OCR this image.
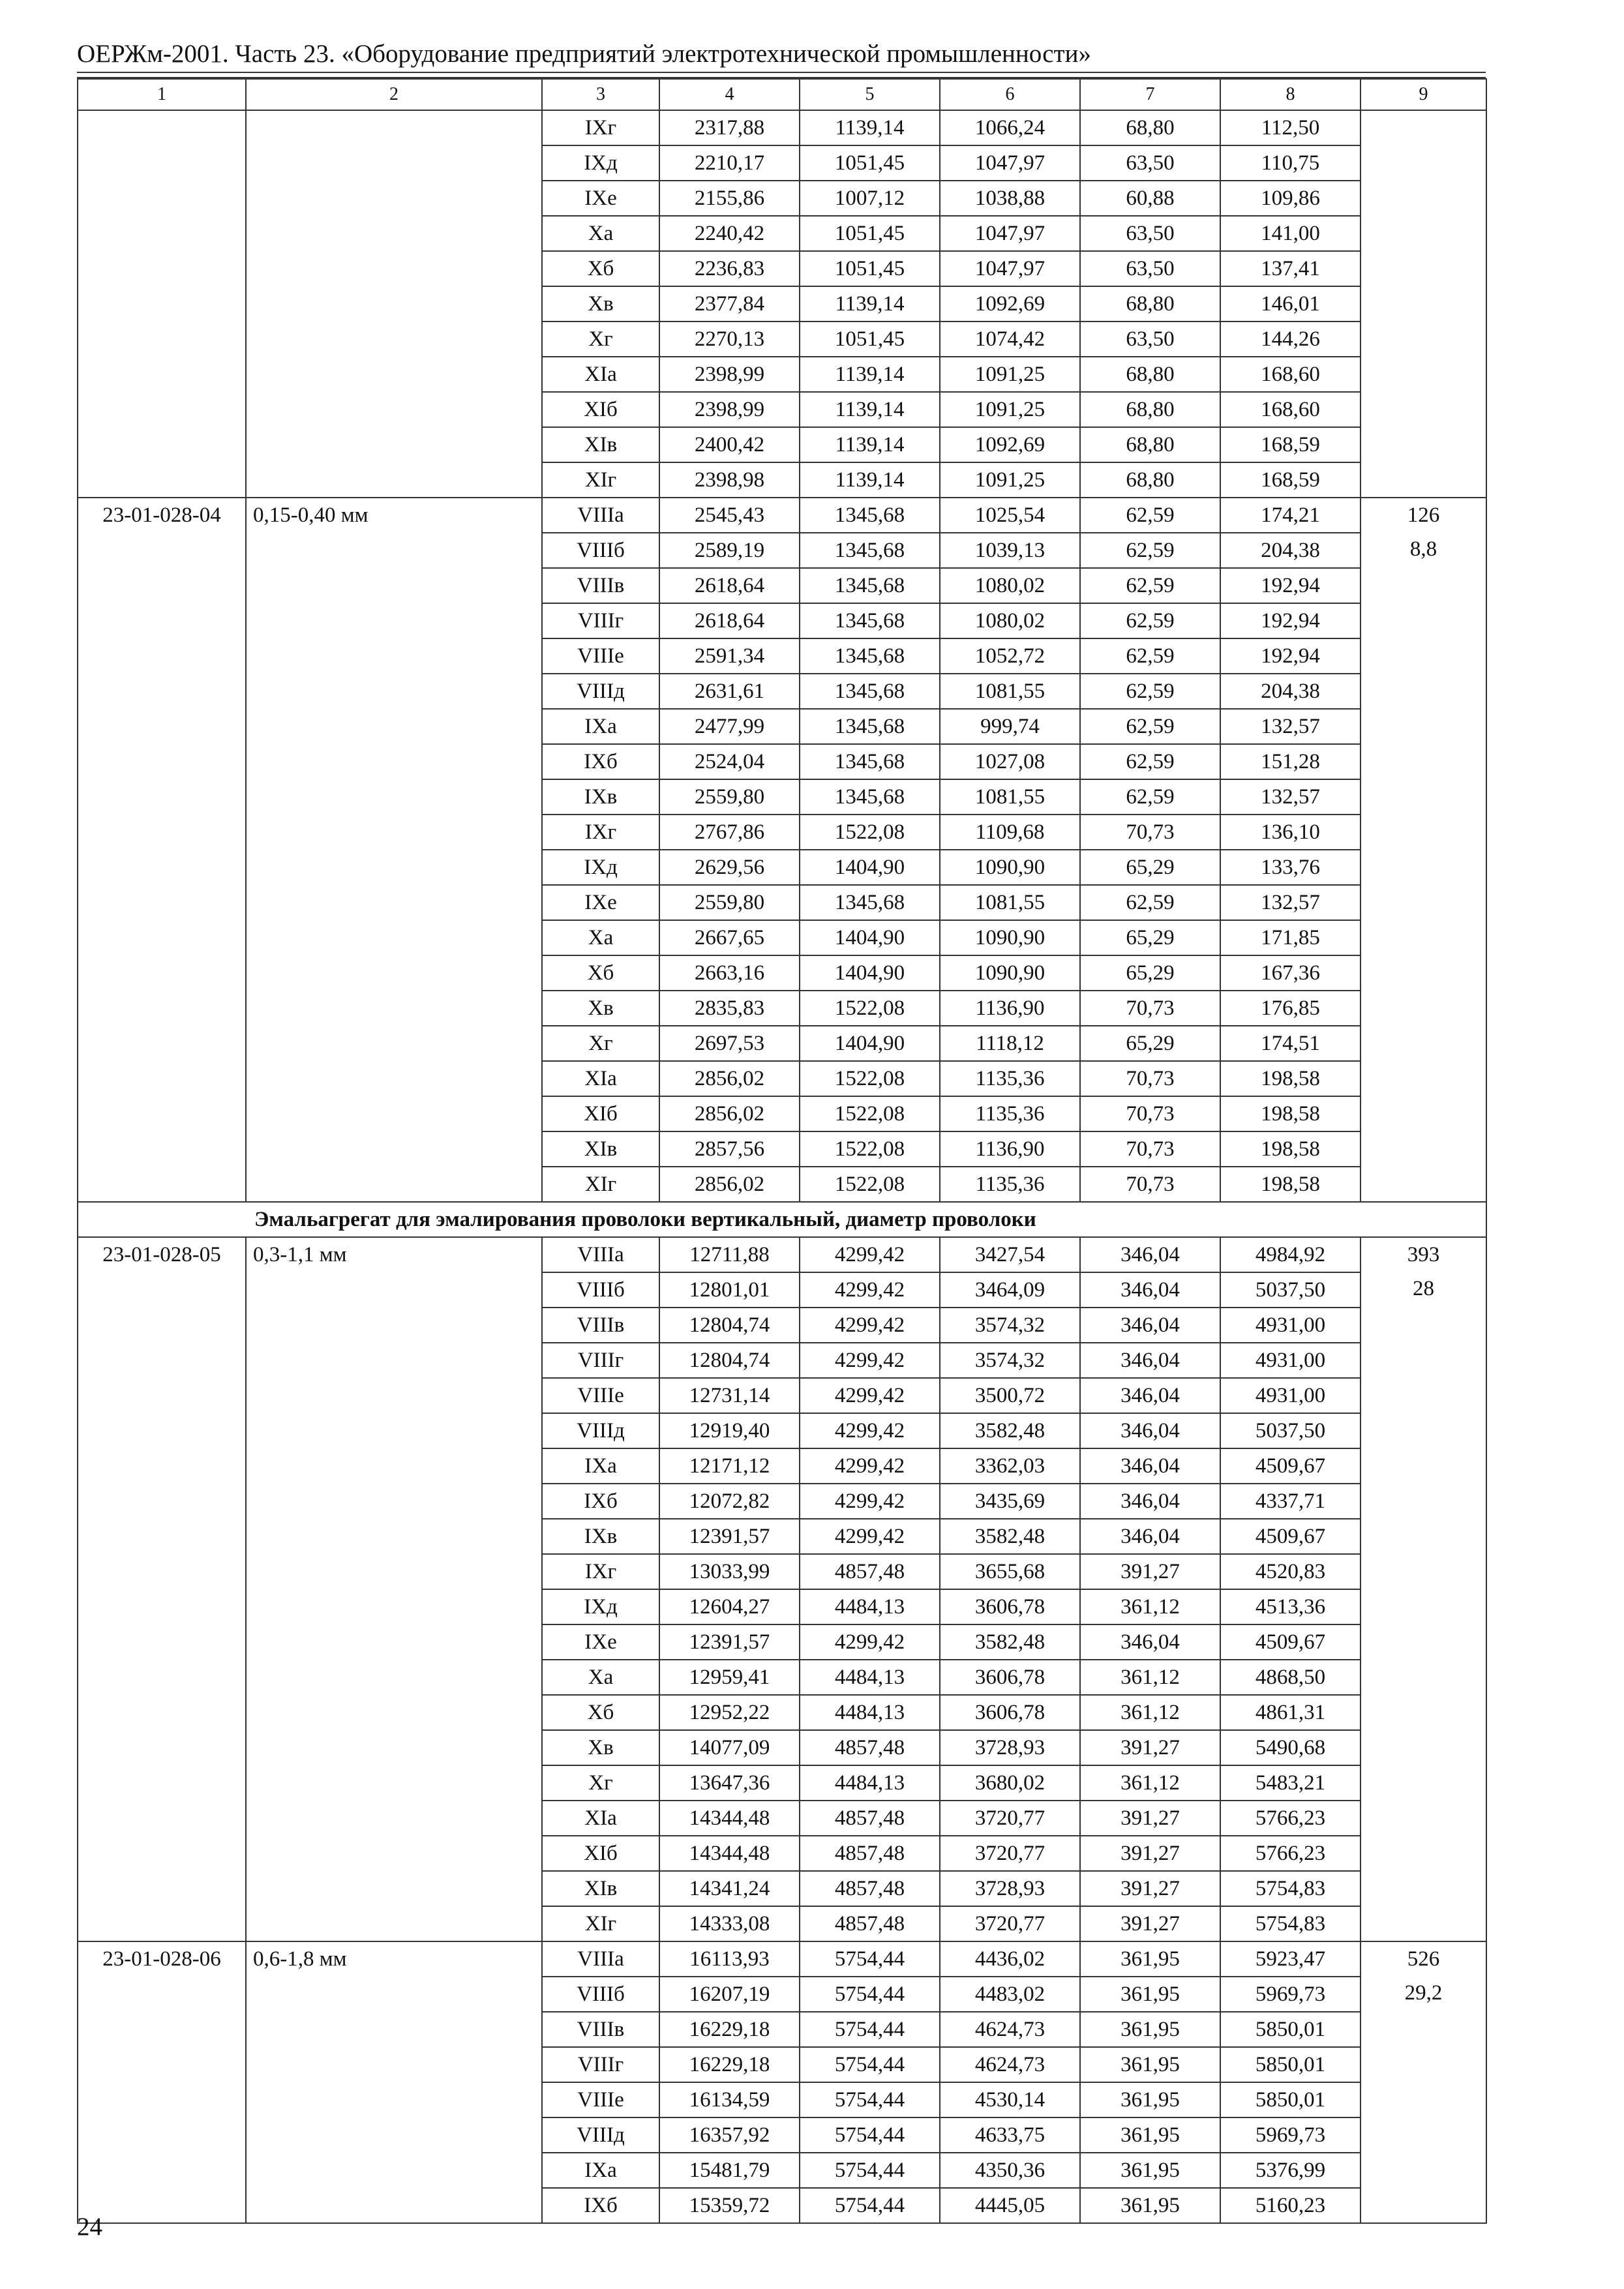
ОЕРЖм-2001. Часть 23. «Оборудование предприятий электротехнической промышленности»
1	2	3	4	5	6	7	8	9
		IXг	2317,88	1139,14	1066,24	68,80	112,50	
		IXд	2210,17	1051,45	1047,97	63,50	110,75	
		IXе	2155,86	1007,12	1038,88	60,88	109,86	
		Xа	2240,42	1051,45	1047,97	63,50	141,00	
		Xб	2236,83	1051,45	1047,97	63,50	137,41	
		Xв	2377,84	1139,14	1092,69	68,80	146,01	
		Xг	2270,13	1051,45	1074,42	63,50	144,26	
		XIа	2398,99	1139,14	1091,25	68,80	168,60	
		XIб	2398,99	1139,14	1091,25	68,80	168,60	
		XIв	2400,42	1139,14	1092,69	68,80	168,59	
		XIг	2398,98	1139,14	1091,25	68,80	168,59	
23-01-028-04	0,15-0,40 мм	VIIIа	2545,43	1345,68	1025,54	62,59	174,21	126
8,8

		VIIIб	2589,19	1345,68	1039,13	62,59	204,38	
		VIIIв	2618,64	1345,68	1080,02	62,59	192,94	
		VIIIг	2618,64	1345,68	1080,02	62,59	192,94	
		VIIIе	2591,34	1345,68	1052,72	62,59	192,94	
		VIIIд	2631,61	1345,68	1081,55	62,59	204,38	
		IXа	2477,99	1345,68	999,74	62,59	132,57	
		IXб	2524,04	1345,68	1027,08	62,59	151,28	
		IXв	2559,80	1345,68	1081,55	62,59	132,57	
		IXг	2767,86	1522,08	1109,68	70,73	136,10	
		IXд	2629,56	1404,90	1090,90	65,29	133,76	
		IXе	2559,80	1345,68	1081,55	62,59	132,57	
		Xа	2667,65	1404,90	1090,90	65,29	171,85	
		Xб	2663,16	1404,90	1090,90	65,29	167,36	
		Xв	2835,83	1522,08	1136,90	70,73	176,85	
		Xг	2697,53	1404,90	1118,12	65,29	174,51	
		XIа	2856,02	1522,08	1135,36	70,73	198,58	
		XIб	2856,02	1522,08	1135,36	70,73	198,58	
		XIв	2857,56	1522,08	1136,90	70,73	198,58	
		XIг	2856,02	1522,08	1135,36	70,73	198,58	
Эмальагрегат для эмалирования проволоки вертикальный, диаметр проволоки								
23-01-028-05	0,3-1,1 мм	VIIIа	12711,88	4299,42	3427,54	346,04	4984,92	393
28

		VIIIб	12801,01	4299,42	3464,09	346,04	5037,50	
		VIIIв	12804,74	4299,42	3574,32	346,04	4931,00	
		VIIIг	12804,74	4299,42	3574,32	346,04	4931,00	
		VIIIе	12731,14	4299,42	3500,72	346,04	4931,00	
		VIIIд	12919,40	4299,42	3582,48	346,04	5037,50	
		IXа	12171,12	4299,42	3362,03	346,04	4509,67	
		IXб	12072,82	4299,42	3435,69	346,04	4337,71	
		IXв	12391,57	4299,42	3582,48	346,04	4509,67	
		IXг	13033,99	4857,48	3655,68	391,27	4520,83	
		IXд	12604,27	4484,13	3606,78	361,12	4513,36	
		IXе	12391,57	4299,42	3582,48	346,04	4509,67	
		Xа	12959,41	4484,13	3606,78	361,12	4868,50	
		Xб	12952,22	4484,13	3606,78	361,12	4861,31	
		Xв	14077,09	4857,48	3728,93	391,27	5490,68	
		Xг	13647,36	4484,13	3680,02	361,12	5483,21	
		XIа	14344,48	4857,48	3720,77	391,27	5766,23	
		XIб	14344,48	4857,48	3720,77	391,27	5766,23	
		XIв	14341,24	4857,48	3728,93	391,27	5754,83	
		XIг	14333,08	4857,48	3720,77	391,27	5754,83	
23-01-028-06	0,6-1,8 мм	VIIIа	16113,93	5754,44	4436,02	361,95	5923,47	526
29,2

		VIIIб	16207,19	5754,44	4483,02	361,95	5969,73	
		VIIIв	16229,18	5754,44	4624,73	361,95	5850,01	
		VIIIг	16229,18	5754,44	4624,73	361,95	5850,01	
		VIIIе	16134,59	5754,44	4530,14	361,95	5850,01	
		VIIIд	16357,92	5754,44	4633,75	361,95	5969,73	
		IXа	15481,79	5754,44	4350,36	361,95	5376,99	
		IXб	15359,72	5754,44	4445,05	361,95	5160,23	
24
